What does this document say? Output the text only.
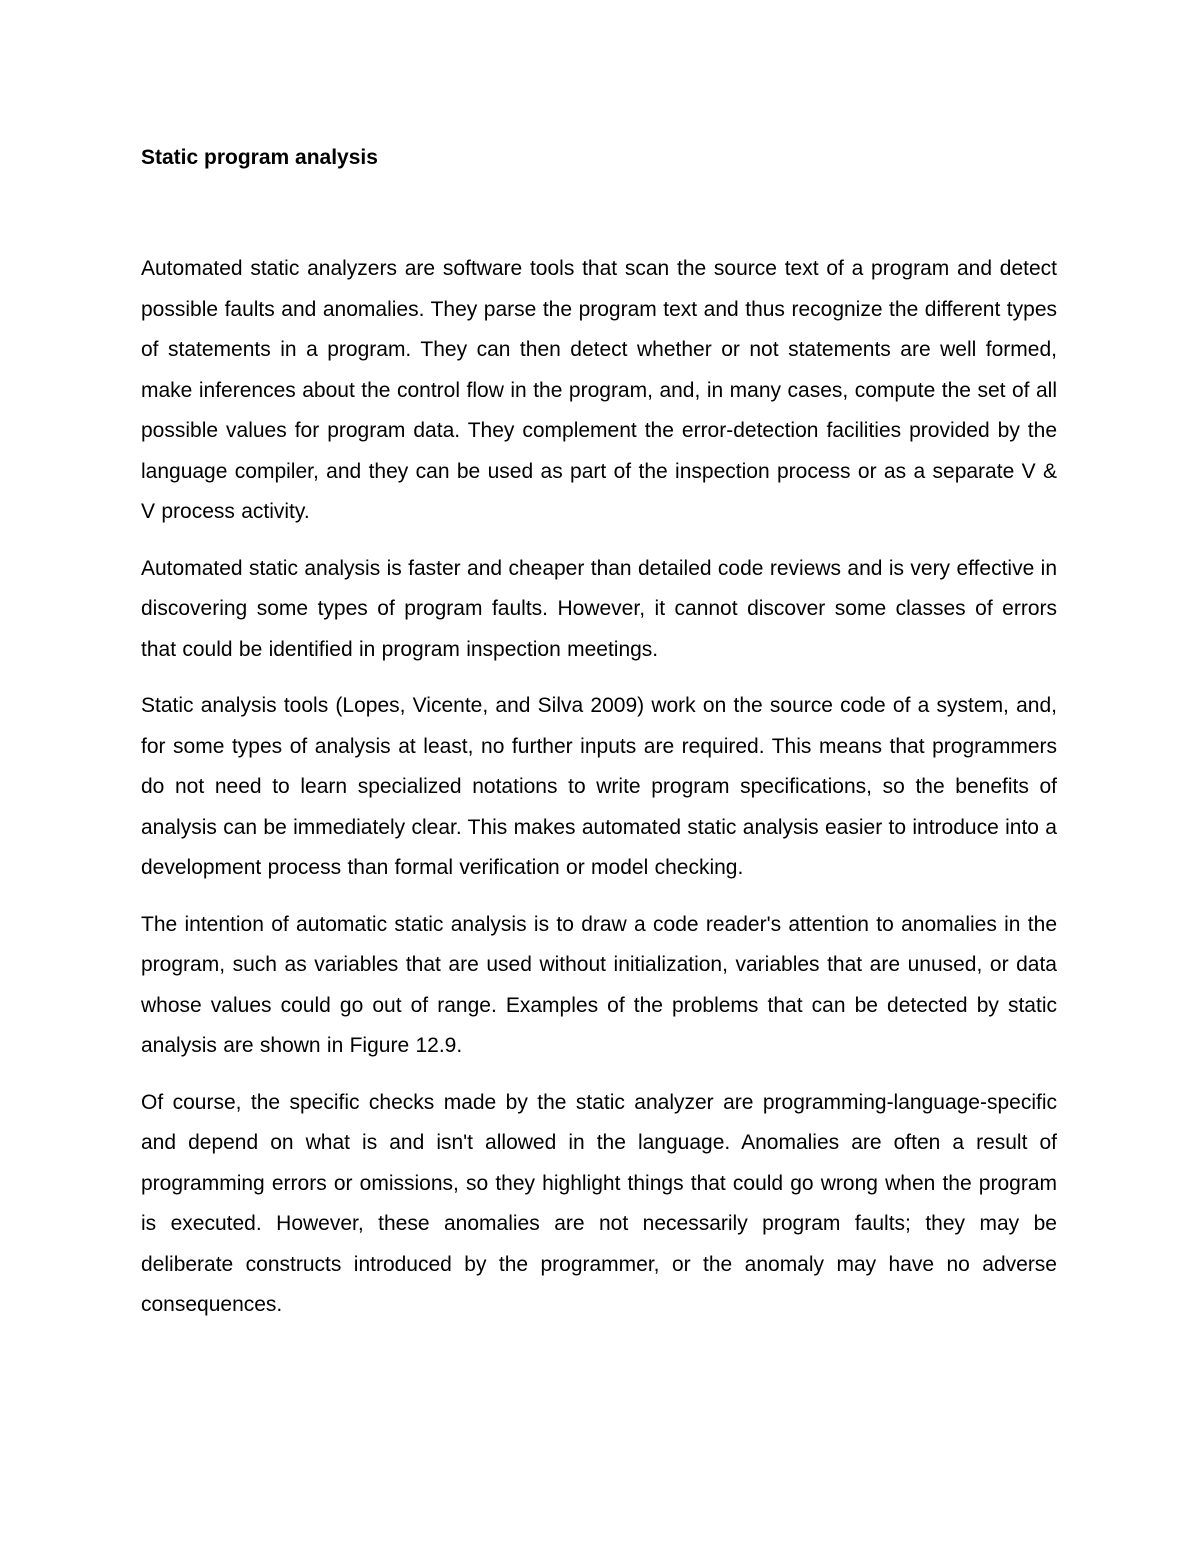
Static program analysis

Automated static analyzers are software tools that scan the source text of a program and detect possible faults and anomalies. They parse the program text and thus recognize the different types of statements in a program. They can then detect whether or not statements are well formed, make inferences about the control flow in the program, and, in many cases, compute the set of all possible values for program data. They complement the error-detection facilities provided by the language compiler, and they can be used as part of the inspection process or as a separate V & V process activity.

Automated static analysis is faster and cheaper than detailed code reviews and is very effective in discovering some types of program faults. However, it cannot discover some classes of errors that could be identified in program inspection meetings.

Static analysis tools (Lopes, Vicente, and Silva 2009) work on the source code of a system, and, for some types of analysis at least, no further inputs are required. This means that programmers do not need to learn specialized notations to write program specifications, so the benefits of analysis can be immediately clear. This makes automated static analysis easier to introduce into a development process than formal verification or model checking.

The intention of automatic static analysis is to draw a code reader's attention to anomalies in the program, such as variables that are used without initialization, variables that are unused, or data whose values could go out of range. Examples of the problems that can be detected by static analysis are shown in Figure 12.9.

Of course, the specific checks made by the static analyzer are programming-language-specific and depend on what is and isn't allowed in the language. Anomalies are often a result of programming errors or omissions, so they highlight things that could go wrong when the program is executed. However, these anomalies are not necessarily program faults; they may be deliberate constructs introduced by the programmer, or the anomaly may have no adverse consequences.
